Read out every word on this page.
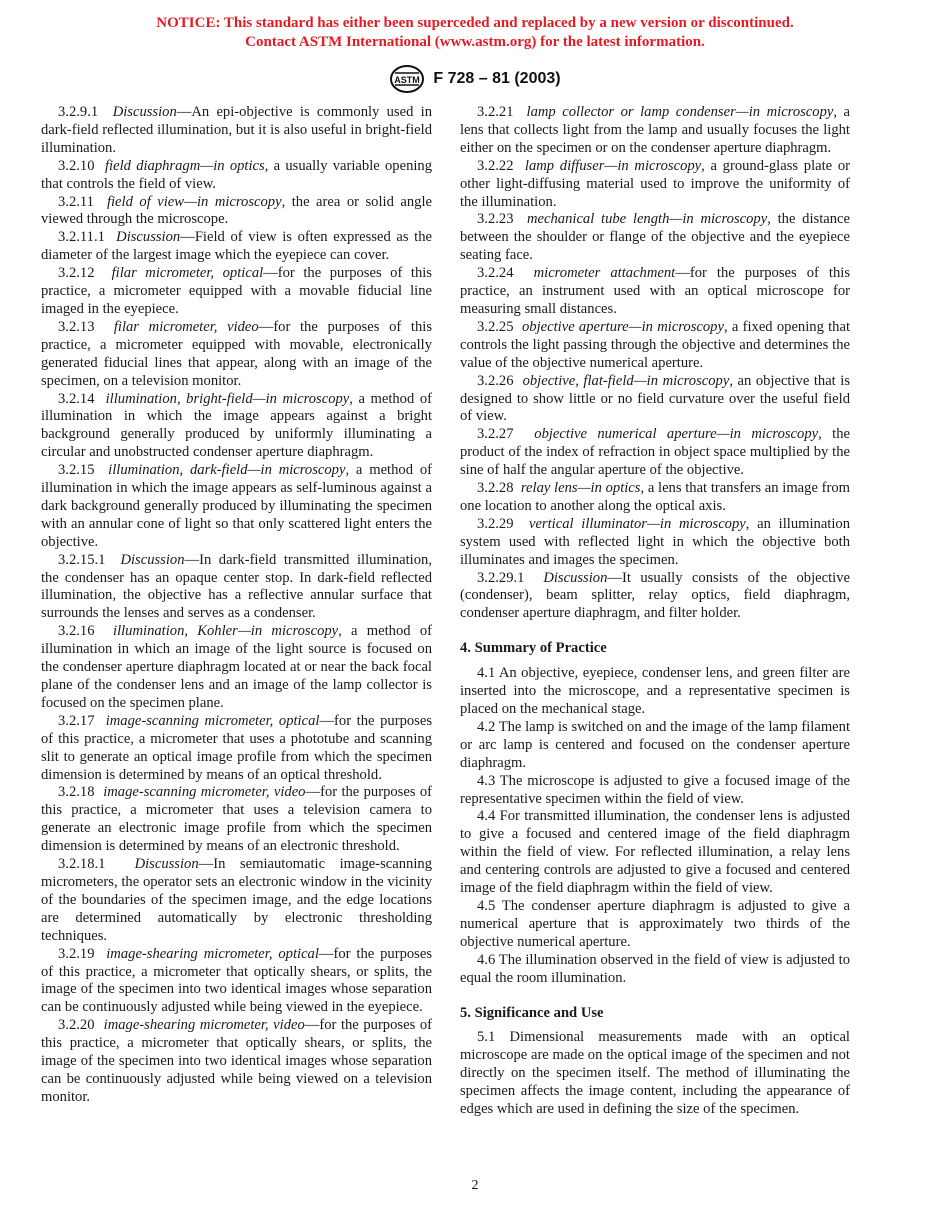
NOTICE: This standard has either been superceded and replaced by a new version or discontinued.
Contact ASTM International (www.astm.org) for the latest information.
ASTM F 728 – 81 (2003)

3.2.9.1  Discussion—An epi-objective is commonly used in dark-field reflected illumination, but it is also useful in bright-field illumination.

3.2.10  field diaphragm—in optics, a usually variable opening that controls the field of view.

3.2.11  field of view—in microscopy, the area or solid angle viewed through the microscope.

3.2.11.1  Discussion—Field of view is often expressed as the diameter of the largest image which the eyepiece can cover.

3.2.12  filar micrometer, optical—for the purposes of this practice, a micrometer equipped with a movable fiducial line imaged in the eyepiece.

3.2.13  filar micrometer, video—for the purposes of this practice, a micrometer equipped with movable, electronically generated fiducial lines that appear, along with an image of the specimen, on a television monitor.

3.2.14  illumination, bright-field—in microscopy, a method of illumination in which the image appears against a bright background generally produced by uniformly illuminating a circular and unobstructed condenser aperture diaphragm.

3.2.15  illumination, dark-field—in microscopy, a method of illumination in which the image appears as self-luminous against a dark background generally produced by illuminating the specimen with an annular cone of light so that only scattered light enters the objective.

3.2.15.1  Discussion—In dark-field transmitted illumination, the condenser has an opaque center stop. In dark-field reflected illumination, the objective has a reflective annular surface that surrounds the lenses and serves as a condenser.

3.2.16  illumination, Kohler—in microscopy, a method of illumination in which an image of the light source is focused on the condenser aperture diaphragm located at or near the back focal plane of the condenser lens and an image of the lamp collector is focused on the specimen plane.

3.2.17  image-scanning micrometer, optical—for the purposes of this practice, a micrometer that uses a phototube and scanning slit to generate an optical image profile from which the specimen dimension is determined by means of an optical threshold.

3.2.18  image-scanning micrometer, video—for the purposes of this practice, a micrometer that uses a television camera to generate an electronic image profile from which the specimen dimension is determined by means of an electronic threshold.

3.2.18.1  Discussion—In semiautomatic image-scanning micrometers, the operator sets an electronic window in the vicinity of the boundaries of the specimen image, and the edge locations are determined automatically by electronic thresholding techniques.

3.2.19  image-shearing micrometer, optical—for the purposes of this practice, a micrometer that optically shears, or splits, the image of the specimen into two identical images whose separation can be continuously adjusted while being viewed in the eyepiece.

3.2.20  image-shearing micrometer, video—for the purposes of this practice, a micrometer that optically shears, or splits, the image of the specimen into two identical images whose separation can be continuously adjusted while being viewed on a television monitor.

3.2.21  lamp collector or lamp condenser—in microscopy, a lens that collects light from the lamp and usually focuses the light either on the specimen or on the condenser aperture diaphragm.

3.2.22  lamp diffuser—in microscopy, a ground-glass plate or other light-diffusing material used to improve the uniformity of the illumination.

3.2.23  mechanical tube length—in microscopy, the distance between the shoulder or flange of the objective and the eyepiece seating face.

3.2.24  micrometer attachment—for the purposes of this practice, an instrument used with an optical microscope for measuring small distances.

3.2.25  objective aperture—in microscopy, a fixed opening that controls the light passing through the objective and determines the value of the objective numerical aperture.

3.2.26  objective, flat-field—in microscopy, an objective that is designed to show little or no field curvature over the useful field of view.

3.2.27  objective numerical aperture—in microscopy, the product of the index of refraction in object space multiplied by the sine of half the angular aperture of the objective.

3.2.28  relay lens—in optics, a lens that transfers an image from one location to another along the optical axis.

3.2.29  vertical illuminator—in microscopy, an illumination system used with reflected light in which the objective both illuminates and images the specimen.

3.2.29.1  Discussion—It usually consists of the objective (condenser), beam splitter, relay optics, field diaphragm, condenser aperture diaphragm, and filter holder.

4. Summary of Practice

4.1 An objective, eyepiece, condenser lens, and green filter are inserted into the microscope, and a representative specimen is placed on the mechanical stage.

4.2 The lamp is switched on and the image of the lamp filament or arc lamp is centered and focused on the condenser aperture diaphragm.

4.3 The microscope is adjusted to give a focused image of the representative specimen within the field of view.

4.4 For transmitted illumination, the condenser lens is adjusted to give a focused and centered image of the field diaphragm within the field of view. For reflected illumination, a relay lens and centering controls are adjusted to give a focused and centered image of the field diaphragm within the field of view.

4.5 The condenser aperture diaphragm is adjusted to give a numerical aperture that is approximately two thirds of the objective numerical aperture.

4.6 The illumination observed in the field of view is adjusted to equal the room illumination.

5. Significance and Use

5.1 Dimensional measurements made with an optical microscope are made on the optical image of the specimen and not directly on the specimen itself. The method of illuminating the specimen affects the image content, including the appearance of edges which are used in defining the size of the specimen.

2
